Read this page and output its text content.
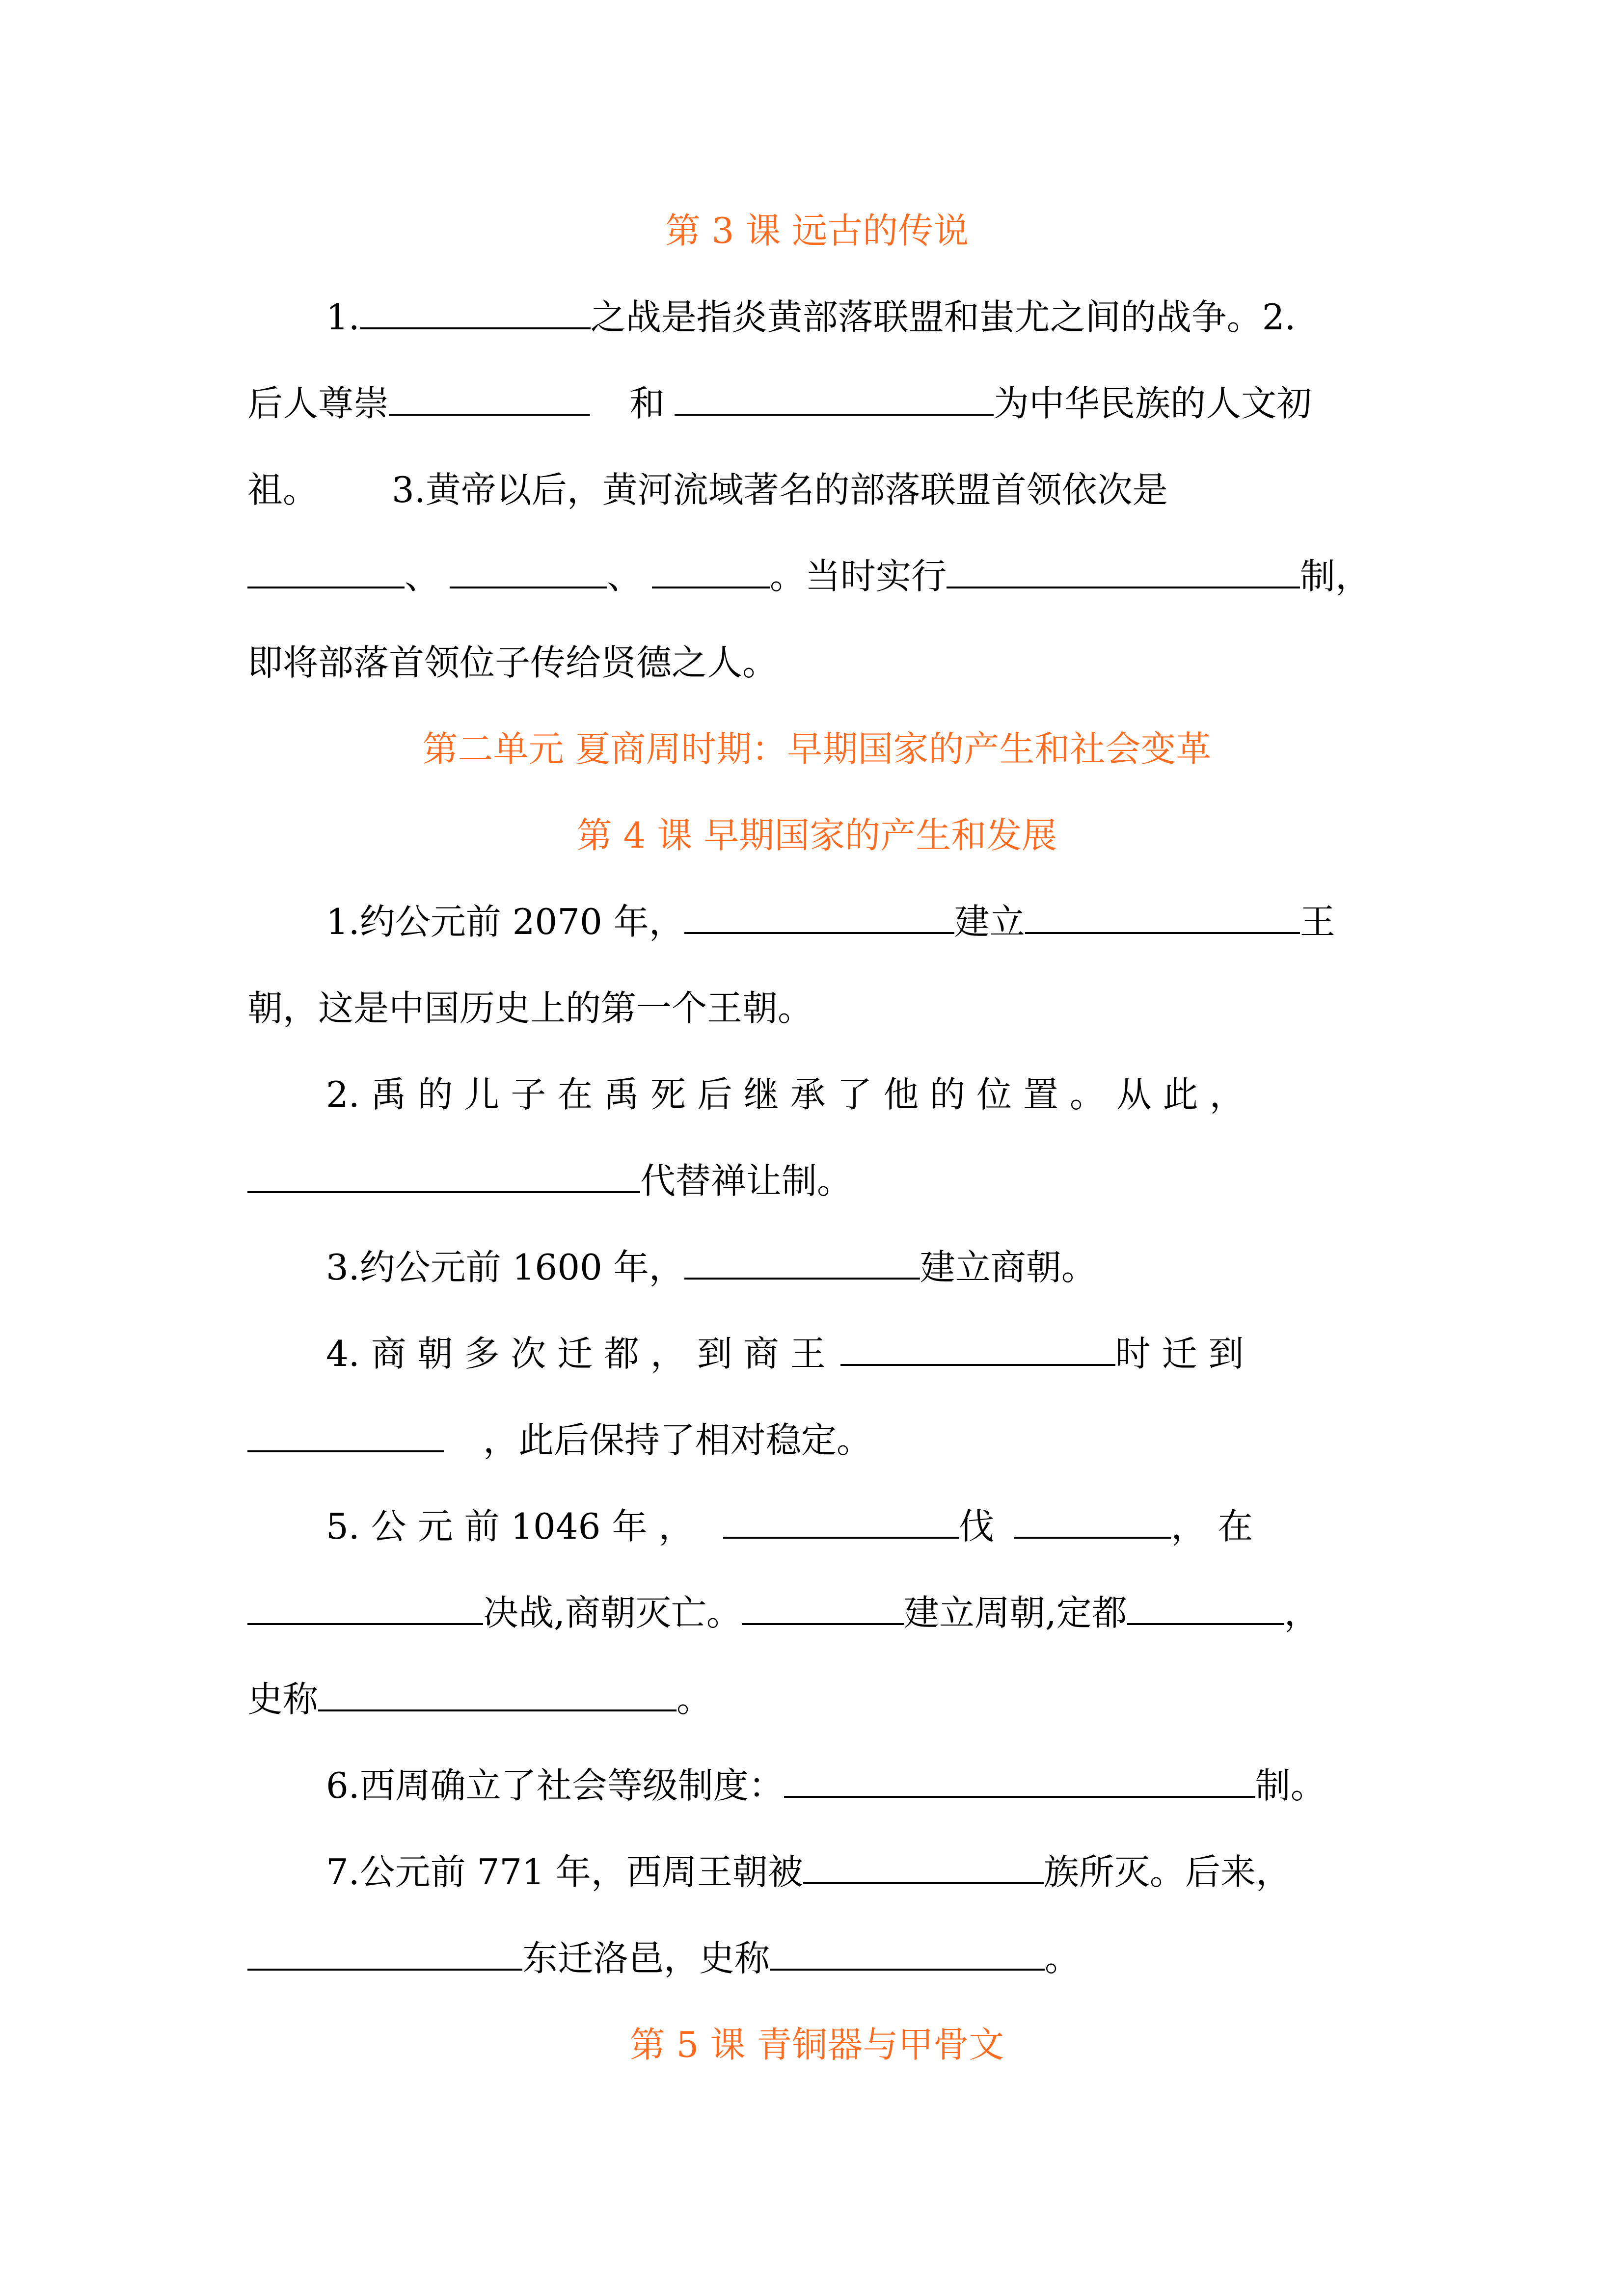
第 3 课 远古的传说
1.	之战是指炎黄部落联盟和蚩尤之间的战争。2.
后人尊崇	和	为中华民族的人文初
祖。 3.黄帝以后，黄河流域著名的部落联盟首领依次是
、	、	。当时实行	制，
即将部落首领位子传给贤德之人。
第二单元 夏商周时期：早期国家的产生和社会变革
第 4 课 早期国家的产生和发展
1.约公元前 2070 年，	建立	王
朝，这是中国历史上的第一个王朝。
2. 禹 的 儿 子 在 禹 死 后 继 承 了 他 的 位 置 。 从 此 ，
代替禅让制。
3.约公元前 1600 年，	建立商朝。
4. 商 朝 多 次 迁 都 ， 到 商 王	时 迁 到
，此后保持了相对稳定。
5. 公 元 前 1046 年 ，	伐	， 在
决战,商朝灭亡。	建立周朝,定都	，
史称	。
6.西周确立了社会等级制度：	制。
7.公元前 771 年，西周王朝被	族所灭。后来，
东迁洛邑，史称	。
第 5 课 青铜器与甲骨文
